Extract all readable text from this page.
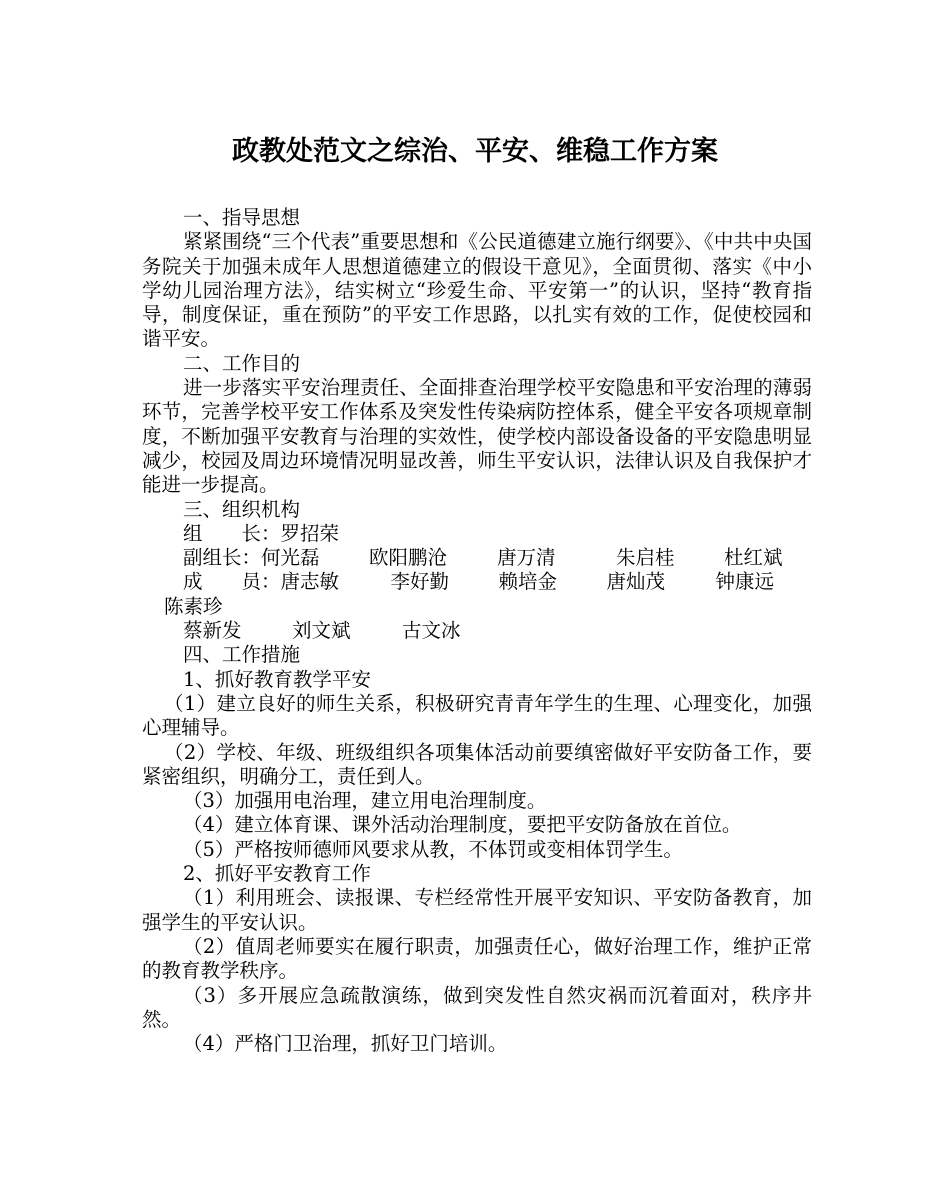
政教处范文之综治、平安、维稳工作方案

一、指导思想

紧紧围绕“三个代表”重要思想和《公民道德建立施行纲要》、《中共中央国务院关于加强未成年人思想道德建立的假设干意见》，全面贯彻、落实《中小学幼儿园治理方法》，结实树立“珍爱生命、平安第一”的认识，坚持“教育指导，制度保证，重在预防”的平安工作思路，以扎实有效的工作，促使校园和谐平安。

二、工作目的

进一步落实平安治理责任、全面排查治理学校平安隐患和平安治理的薄弱环节，完善学校平安工作体系及突发性传染病防控体系，健全平安各项规章制度，不断加强平安教育与治理的实效性，使学校内部设备设备的平安隐患明显减少，校园及周边环境情况明显改善，师生平安认识，法律认识及自我保护才能进一步提高。

三、组织机构

组　　长： 罗招荣
副组长： 何光磊	欧阳鹏沧	唐万清	朱启桂	杜红斌
成　　员： 唐志敏	李好勤	赖培金	唐灿茂	钟康远
陈素珍
蔡新发	刘文斌	古文冰

四、工作措施

1、抓好教育教学平安

（1）建立良好的师生关系，积极研究青青年学生的生理、心理变化，加强心理辅导。

（2）学校、年级、班级组织各项集体活动前要缜密做好平安防备工作，要紧密组织，明确分工，责任到人。

（3）加强用电治理，建立用电治理制度。

（4）建立体育课、课外活动治理制度，要把平安防备放在首位。

（5）严格按师德师风要求从教，不体罚或变相体罚学生。

2、抓好平安教育工作

（1）利用班会、读报课、专栏经常性开展平安知识、平安防备教育，加强学生的平安认识。

（2）值周老师要实在履行职责，加强责任心，做好治理工作，维护正常的教育教学秩序。

（3）多开展应急疏散演练，做到突发性自然灾祸而沉着面对，秩序井然。

（4）严格门卫治理，抓好卫门培训。
